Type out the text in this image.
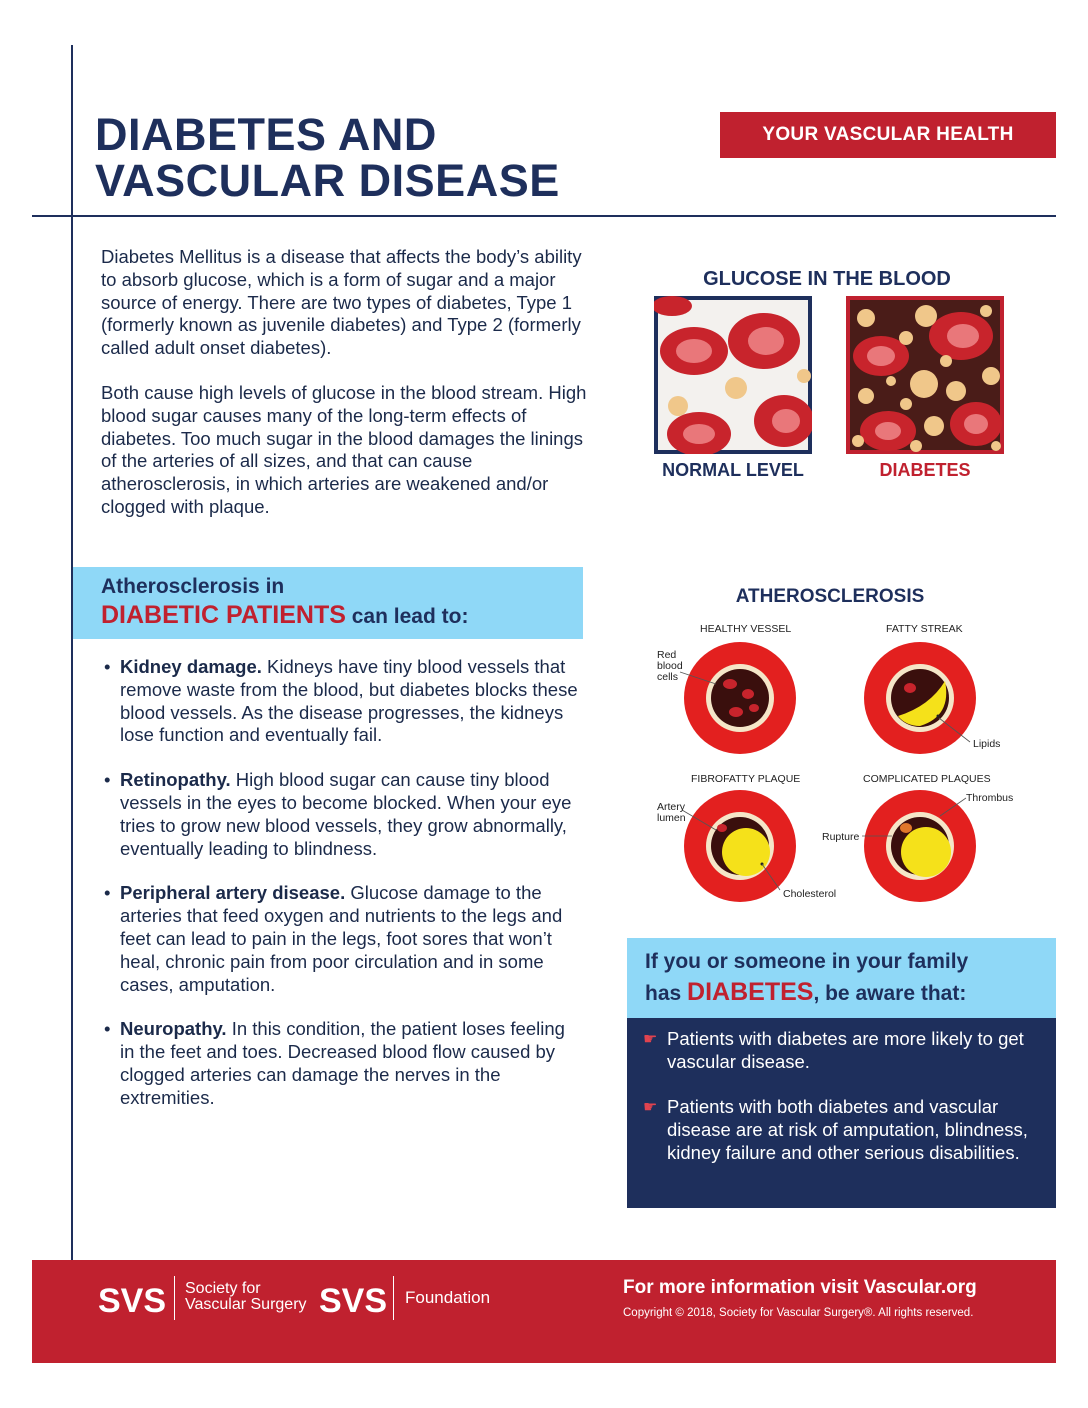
DIABETES AND
VASCULAR DISEASE
YOUR VASCULAR HEALTH

Diabetes Mellitus is a disease that affects the body’s ability to absorb glucose, which is a form of sugar and a major source of energy. There are two types of diabetes, Type 1 (formerly known as juvenile diabetes) and Type 2 (formerly called adult onset diabetes).

Both cause high levels of glucose in the blood stream. High blood sugar causes many of the long-term effects of diabetes. Too much sugar in the blood damages the linings of the arteries of all sizes, and that can cause atherosclerosis, in which arteries are weakened and/or clogged with plaque.

Atherosclerosis in
DIABETIC PATIENTS can lead to:
• Kidney damage. Kidneys have tiny blood vessels that remove waste from the blood, but diabetes blocks these blood vessels. As the disease progresses, the kidneys lose function and eventually fail.
• Retinopathy. High blood sugar can cause tiny blood vessels in the eyes to become blocked. When your eye tries to grow new blood vessels, they grow abnormally, eventually leading to blindness.
• Peripheral artery disease. Glucose damage to the arteries that feed oxygen and nutrients to the legs and feet can lead to pain in the legs, foot sores that won’t heal, chronic pain from poor circulation and in some cases, amputation.
• Neuropathy. In this condition, the patient loses feeling in the feet and toes. Decreased blood flow caused by clogged arteries can damage the nerves in the extremities.
GLUCOSE IN THE BLOOD
NORMAL LEVEL	DIABETES
ATHEROSCLEROSIS
HEALTHY VESSEL	FATTY STREAK
FIBROFATTY PLAQUE	COMPLICATED PLAQUES
Red
blood
cells
Lipids
Artery
lumen
Cholesterol
Thrombus
Rupture
If you or someone in your family
has DIABETES, be aware that:
☛ Patients with diabetes are more likely to get vascular disease.
☛ Patients with both diabetes and vascular disease are at risk of amputation, blindness, kidney failure and other serious disabilities.
SVS Society for
Vascular Surgery SVS Foundation	For more information visit Vascular.org
Copyright © 2018, Society for Vascular Surgery®. All rights reserved.
